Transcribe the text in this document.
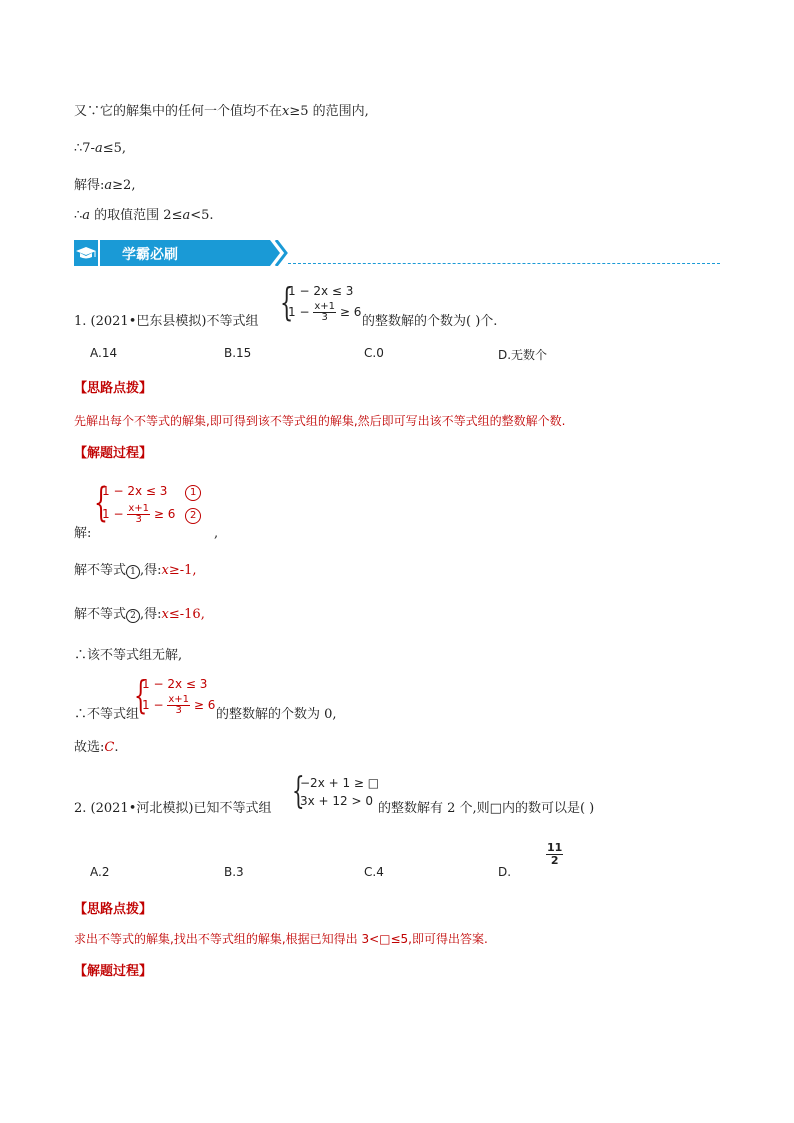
又∵它的解集中的任何一个值均不在x≥5 的范围内,
∴7-a≤5,
解得:a≥2,
∴a 的取值范围 2≤a<5.
学霸必刷
1. (2021•巴东县模拟)不等式组 {
1 − 2x ≤ 3
$1 - \frac{x+1}{3} \ge 6$
的整数解的个数为( )个.
A.14	B.15	C.0	D.无数个
【思路点拨】
先解出每个不等式的解集,即可得到该不等式组的解集,然后即可写出该不等式组的整数解个数.
【解题过程】
{
1 − 2x ≤ 3 1
$1 - \frac{x+1}{3} \ge 6$ 2
解:	,
解不等式 1 ,得:x≥-1,
解不等式 2 ,得:x≤-16,
∴该不等式组无解,
{
1 − 2x ≤ 3
$1 - \frac{x+1}{3} \ge 6$
∴不等式组	的整数解的个数为 0,
故选:C.
2. (2021•河北模拟)已知不等式组 {
−2x + 1 ≥ □
3x + 12 > 0 的整数解有 2 个,则□内的数可以是( )
A.2	B.3	C.4	D.
$\frac{11}{2}$
【思路点拨】
求出不等式的解集,找出不等式组的解集,根据已知得出 3<□≤5,即可得出答案.
【解题过程】
